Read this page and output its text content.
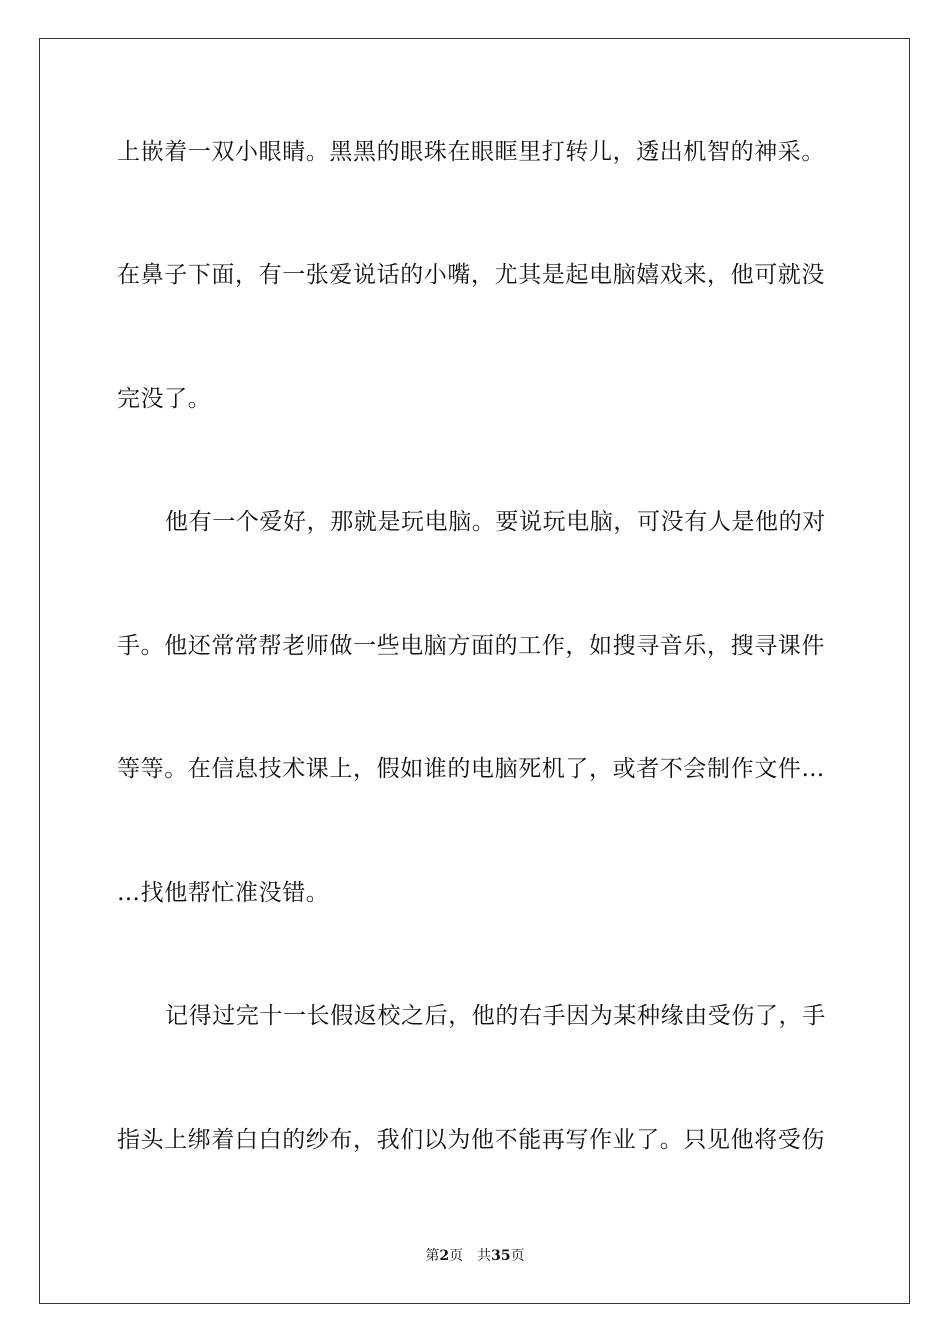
上嵌着一双小眼睛。黑黑的眼珠在眼眶里打转儿，透出机智的神采。
在鼻子下面，有一张爱说话的小嘴，尤其是起电脑嬉戏来，他可就没
完没了。
他有一个爱好，那就是玩电脑。要说玩电脑，可没有人是他的对
手。他还常常帮老师做一些电脑方面的工作，如搜寻音乐，搜寻课件
等等。在信息技术课上，假如谁的电脑死机了，或者不会制作文件…
…找他帮忙准没错。
记得过完十一长假返校之后，他的右手因为某种缘由受伤了，手
指头上绑着白白的纱布，我们以为他不能再写作业了。只见他将受伤
第2页 共35页
